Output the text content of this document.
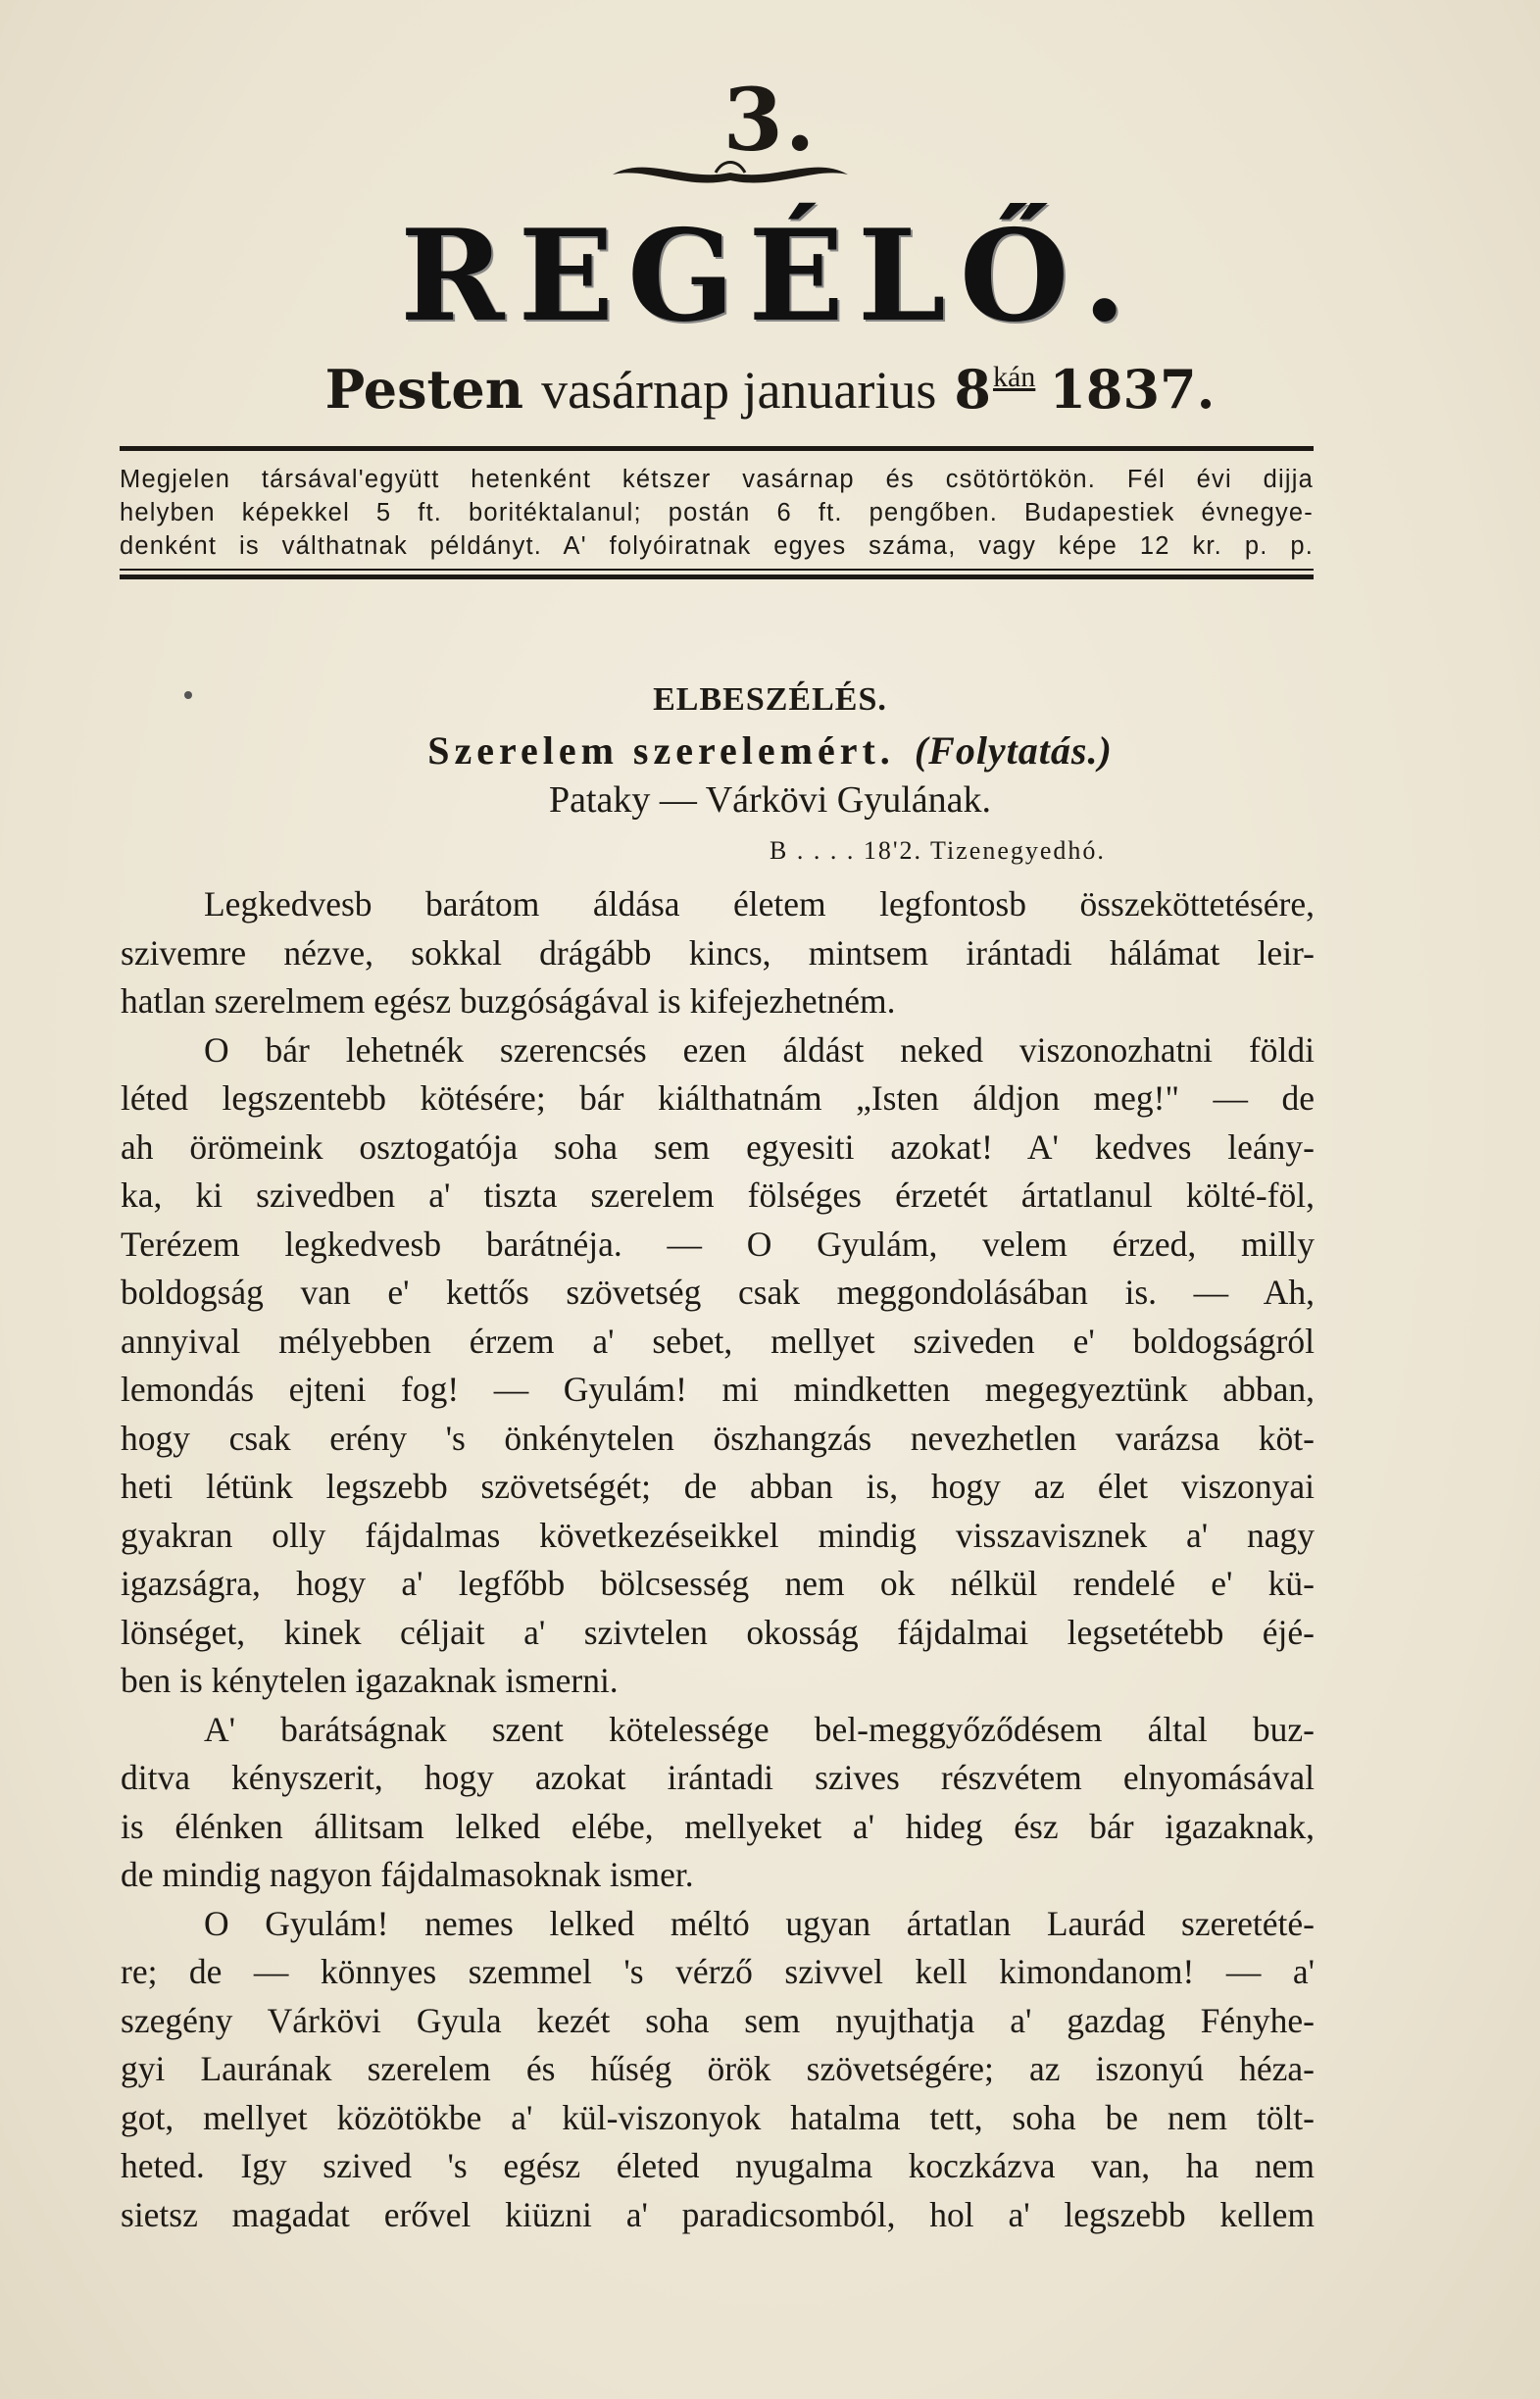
3.
REGÉLŐ.
Pesten vasárnap januarius $8^{kán}$ 1837.
Megjelen társával'együtt hetenként kétszer vasárnap és csötörtökön. Fél évi dijja
helyben képekkel 5 ft. boritéktalanul; postán 6 ft. pengőben. Budapestiek évnegye-
denként is válthatnak példányt. A' folyóiratnak egyes száma, vagy képe 12 kr. p. p.
ELBESZÉLÉS.
Szerelem szerelemért. (Folytatás.)
Pataky — Várkövi Gyulának.
B . . . . 18'2. Tizenegyedhó.

Legkedvesb barátom áldása életem legfontosb összeköttetésére,
szivemre nézve, sokkal drágább kincs, mintsem irántadi hálámat leir-
hatlan szerelmem egész buzgóságával is kifejezhetném.

O bár lehetnék szerencsés ezen áldást neked viszonozhatni földi
léted legszentebb kötésére; bár kiálthatnám „Isten áldjon meg!" — de
ah örömeink osztogatója soha sem egyesiti azokat! A' kedves leány-
ka, ki szivedben a' tiszta szerelem fölséges érzetét ártatlanul költé-föl,
Terézem legkedvesb barátnéja. — O Gyulám, velem érzed, milly
boldogság van e' kettős szövetség csak meggondolásában is. — Ah,
annyival mélyebben érzem a' sebet, mellyet sziveden e' boldogságról
lemondás ejteni fog! — Gyulám! mi mindketten megegyeztünk abban,
hogy csak erény 's önkénytelen öszhangzás nevezhetlen varázsa köt-
heti létünk legszebb szövetségét; de abban is, hogy az élet viszonyai
gyakran olly fájdalmas következéseikkel mindig visszavisznek a' nagy
igazságra, hogy a' legfőbb bölcsesség nem ok nélkül rendelé e' kü-
lönséget, kinek céljait a' szivtelen okosság fájdalmai legsetétebb éjé-
ben is kénytelen igazaknak ismerni.

A' barátságnak szent kötelessége bel-meggyőződésem által buz-
ditva kényszerit, hogy azokat irántadi szives részvétem elnyomásával
is élénken állitsam lelked elébe, mellyeket a' hideg ész bár igazaknak,
de mindig nagyon fájdalmasoknak ismer.

O Gyulám! nemes lelked méltó ugyan ártatlan Laurád szeretété-
re; de — könnyes szemmel 's vérző szivvel kell kimondanom! — a'
szegény Várkövi Gyula kezét soha sem nyujthatja a' gazdag Fényhe-
gyi Laurának szerelem és hűség örök szövetségére; az iszonyú héza-
got, mellyet közötökbe a' kül-viszonyok hatalma tett, soha be nem tölt-
heted. Igy szived 's egész életed nyugalma koczkázva van, ha nem
sietsz magadat erővel kiüzni a' paradicsomból, hol a' legszebb kellem
